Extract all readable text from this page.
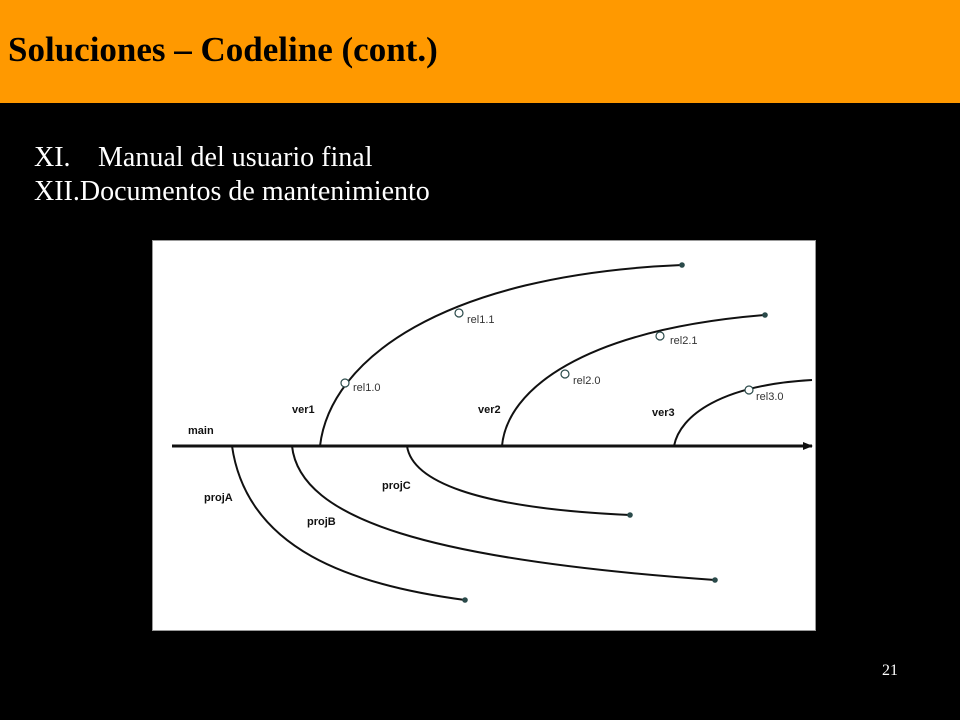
Soluciones – Codeline (cont.)
XI. Manual del usuario final
XII. Documentos de mantenimiento
main
ver1	ver2	ver3
projA
projB
projC
rel1.0
rel1.1
rel2.0
rel2.1
rel3.0
21
